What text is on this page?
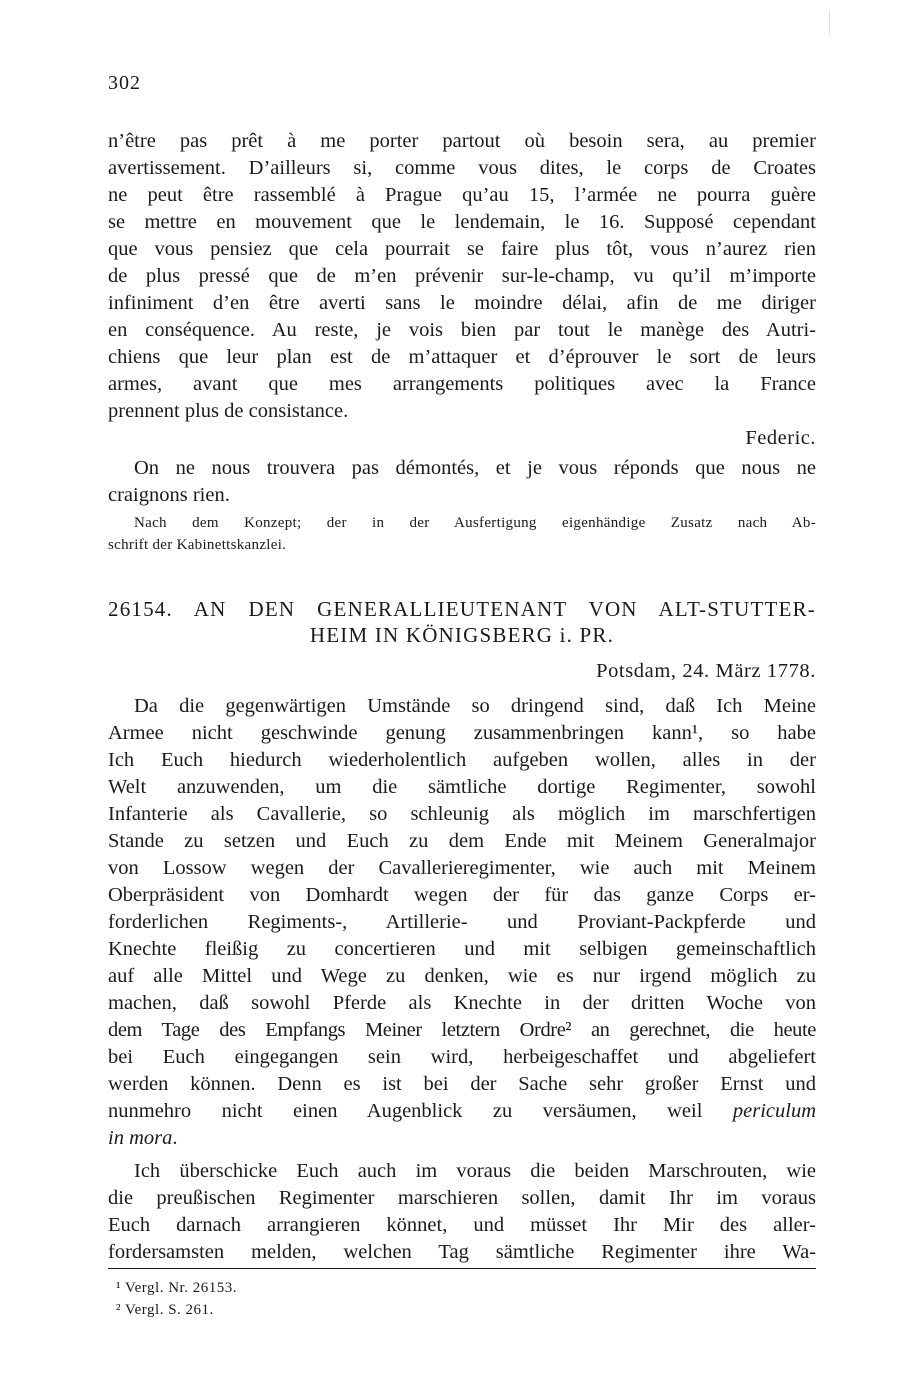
302
n’être pas prêt à me porter partout où besoin sera, au premier
avertissement. D’ailleurs si, comme vous dites, le corps de Croates
ne peut être rassemblé à Prague qu’au 15, l’armée ne pourra guère
se mettre en mouvement que le lendemain, le 16. Supposé cependant
que vous pensiez que cela pourrait se faire plus tôt, vous n’aurez rien
de plus pressé que de m’en prévenir sur-le-champ, vu qu’il m’importe
infiniment d’en être averti sans le moindre délai, afin de me diriger
en conséquence. Au reste, je vois bien par tout le manège des Autri-
chiens que leur plan est de m’attaquer et d’éprouver le sort de leurs
armes, avant que mes arrangements politiques avec la France
prennent plus de consistance.
Federic.
On ne nous trouvera pas démontés, et je vous réponds que nous ne
craignons rien.
Nach dem Konzept; der in der Ausfertigung eigenhändige Zusatz nach Ab-
schrift der Kabinettskanzlei.
26154. AN DEN GENERALLIEUTENANT VON ALT-STUTTER-
HEIM IN KÖNIGSBERG i. PR.
Potsdam, 24. März 1778.
Da die gegenwärtigen Umstände so dringend sind, daß Ich Meine
Armee nicht geschwinde genung zusammenbringen kann¹, so habe
Ich Euch hiedurch wiederholentlich aufgeben wollen, alles in der
Welt anzuwenden, um die sämtliche dortige Regimenter, sowohl
Infanterie als Cavallerie, so schleunig als möglich im marschfertigen
Stande zu setzen und Euch zu dem Ende mit Meinem Generalmajor
von Lossow wegen der Cavallerieregimenter, wie auch mit Meinem
Oberpräsident von Domhardt wegen der für das ganze Corps er-
forderlichen Regiments-, Artillerie- und Proviant-Packpferde und
Knechte fleißig zu concertieren und mit selbigen gemeinschaftlich
auf alle Mittel und Wege zu denken, wie es nur irgend möglich zu
machen, daß sowohl Pferde als Knechte in der dritten Woche von
dem Tage des Empfangs Meiner letztern Ordre² an gerechnet, die heute
bei Euch eingegangen sein wird, herbeigeschaffet und abgeliefert
werden können. Denn es ist bei der Sache sehr großer Ernst und
nunmehro nicht einen Augenblick zu versäumen, weil periculum
in mora.
Ich überschicke Euch auch im voraus die beiden Marschrouten, wie
die preußischen Regimenter marschieren sollen, damit Ihr im voraus
Euch darnach arrangieren könnet, und müsset Ihr Mir des aller-
fordersamsten melden, welchen Tag sämtliche Regimenter ihre Wa-
¹ Vergl. Nr. 26153.
² Vergl. S. 261.
